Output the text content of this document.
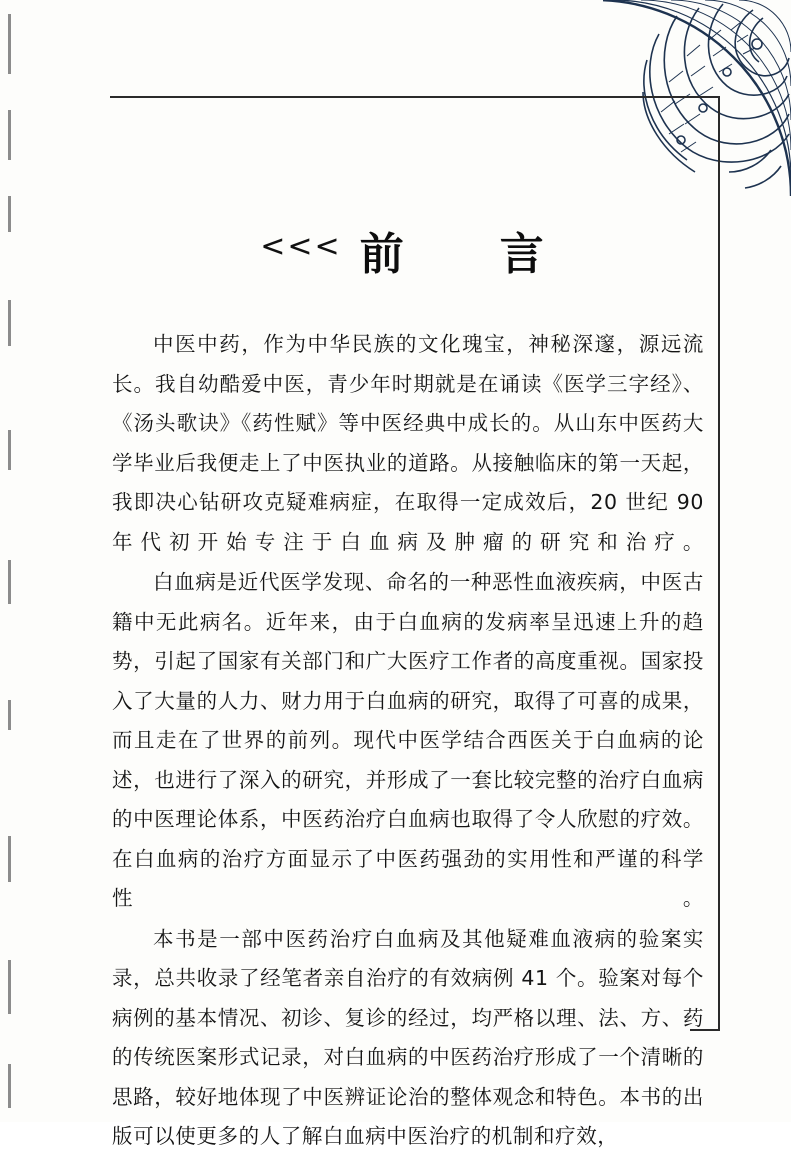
<<< 前　言

中医中药，作为中华民族的文化瑰宝，神秘深邃，源远流长。我自幼酷爱中医，青少年时期就是在诵读《医学三字经》、《汤头歌诀》《药性赋》等中医经典中成长的。从山东中医药大学毕业后我便走上了中医执业的道路。从接触临床的第一天起，我即决心钻研攻克疑难病症，在取得一定成效后，20 世纪 90 年代初开始专注于白血病及肿瘤的研究和治疗。

白血病是近代医学发现、命名的一种恶性血液疾病，中医古籍中无此病名。近年来，由于白血病的发病率呈迅速上升的趋势，引起了国家有关部门和广大医疗工作者的高度重视。国家投入了大量的人力、财力用于白血病的研究，取得了可喜的成果，而且走在了世界的前列。现代中医学结合西医关于白血病的论述，也进行了深入的研究，并形成了一套比较完整的治疗白血病的中医理论体系，中医药治疗白血病也取得了令人欣慰的疗效。在白血病的治疗方面显示了中医药强劲的实用性和严谨的科学性。

本书是一部中医药治疗白血病及其他疑难血液病的验案实录，总共收录了经笔者亲自治疗的有效病例 41 个。验案对每个病例的基本情况、初诊、复诊的经过，均严格以理、法、方、药的传统医案形式记录，对白血病的中医药治疗形成了一个清晰的思路，较好地体现了中医辨证论治的整体观念和特色。本书的出版可以使更多的人了解白血病中医治疗的机制和疗效，
